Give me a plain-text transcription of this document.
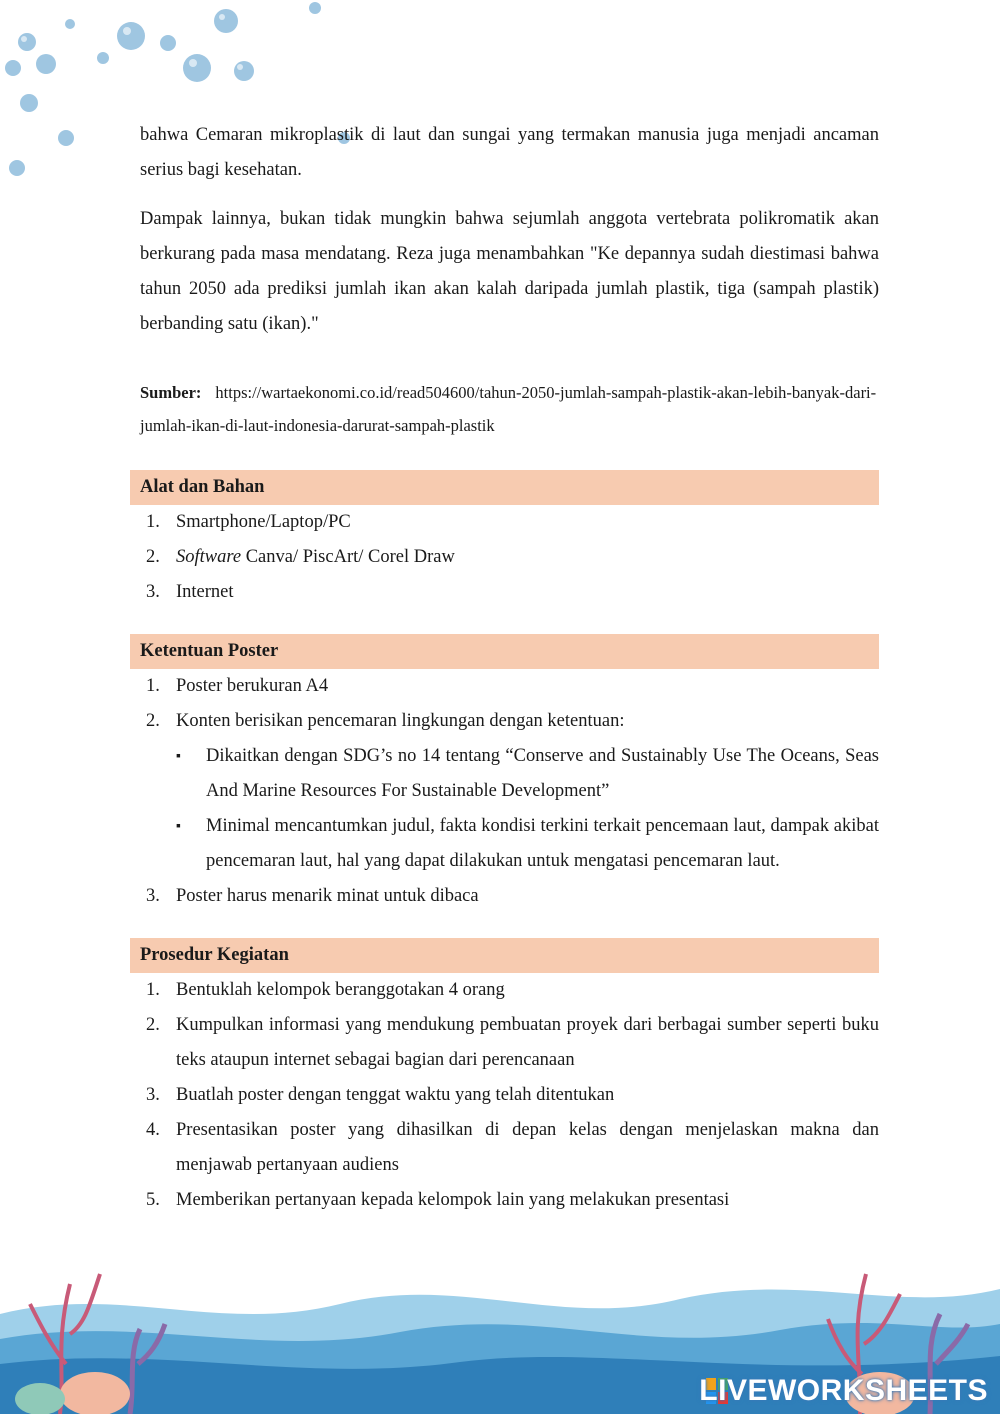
bahwa Cemaran mikroplastik di laut dan sungai yang termakan manusia juga menjadi ancaman serius bagi kesehatan.

Dampak lainnya, bukan tidak mungkin bahwa sejumlah anggota vertebrata polikromatik akan berkurang pada masa mendatang. Reza juga menambahkan "Ke depannya sudah diestimasi bahwa tahun 2050 ada prediksi jumlah ikan akan kalah daripada jumlah plastik, tiga (sampah plastik) berbanding satu (ikan)."

Sumber: https://wartaekonomi.co.id/read504600/tahun-2050-jumlah-sampah-plastik-akan-lebih-banyak-dari-jumlah-ikan-di-laut-indonesia-darurat-sampah-plastik
Alat dan Bahan
1. Smartphone/Laptop/PC
2. Software Canva/ PiscArt/ Corel Draw
3. Internet
Ketentuan Poster
1. Poster berukuran A4
2. Konten berisikan pencemaran lingkungan dengan ketentuan:
▪ Dikaitkan dengan SDG’s no 14 tentang “Conserve and Sustainably Use The Oceans, Seas And Marine Resources For Sustainable Development”
▪ Minimal mencantumkan judul, fakta kondisi terkini terkait pencemaan laut, dampak akibat pencemaran laut, hal yang dapat dilakukan untuk mengatasi pencemaran laut.
3. Poster harus menarik minat untuk dibaca
Prosedur Kegiatan
1. Bentuklah kelompok beranggotakan 4 orang
2. Kumpulkan informasi yang mendukung pembuatan proyek dari berbagai sumber seperti buku teks ataupun internet sebagai bagian dari perencanaan
3. Buatlah poster dengan tenggat waktu yang telah ditentukan
4. Presentasikan poster yang dihasilkan di depan kelas dengan menjelaskan makna dan menjawab pertanyaan audiens
5. Memberikan pertanyaan kepada kelompok lain yang melakukan presentasi
LIVEWORKSHEETS
